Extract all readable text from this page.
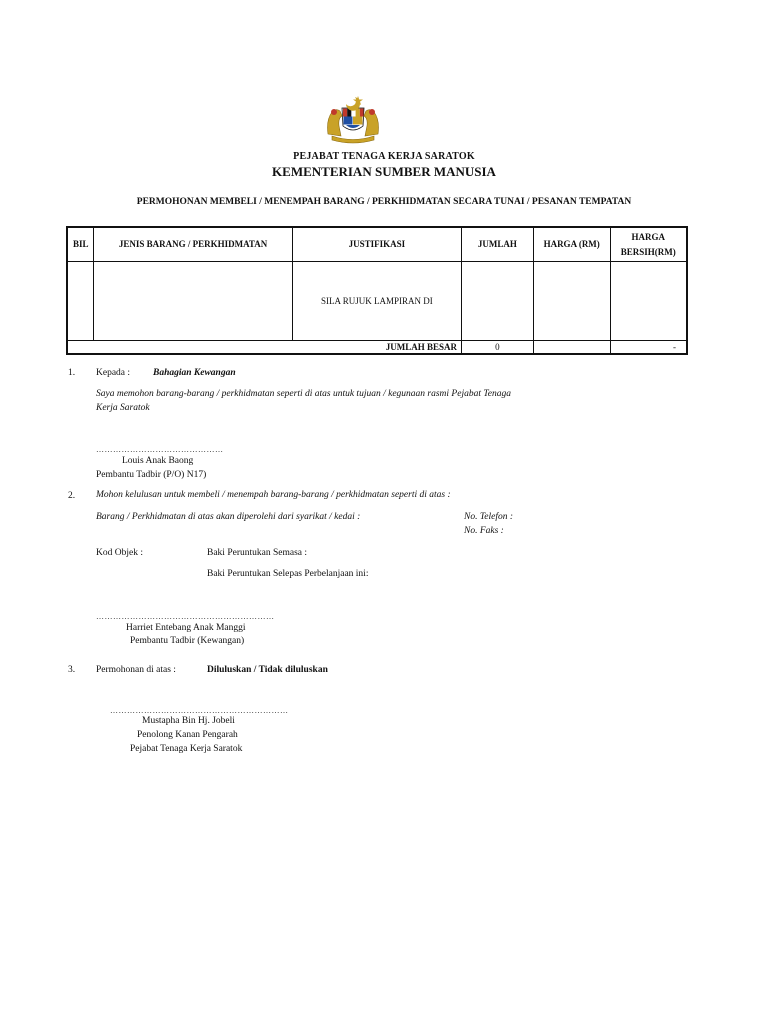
PEJABAT TENAGA KERJA SARATOK
KEMENTERIAN SUMBER MANUSIA
PERMOHONAN MEMBELI / MENEMPAH BARANG / PERKHIDMATAN SECARA TUNAI / PESANAN TEMPATAN
BIL	JENIS BARANG / PERKHIDMATAN	JUSTIFIKASI	JUMLAH	HARGA (RM)	HARGA
BERSIH(RM)
		SILA RUJUK LAMPIRAN DI			
JUMLAH BESAR			0		-
1. Kepada : Bahagian Kewangan
Saya memohon barang-barang / perkhidmatan seperti di atas untuk tujuan / kegunaan rasmi Pejabat Tenaga
Kerja Saratok
………………………………………
Louis Anak Baong
Pembantu Tadbir (P/O) N17)
2. Mohon kelulusan untuk membeli / menempah barang-barang / perkhidmatan seperti di atas :
Barang / Perkhidmatan di atas akan diperolehi dari syarikat / kedai :	No. Telefon :
No. Faks :
Kod Objek :	Baki Peruntukan Semasa :
Baki Peruntukan Selepas Perbelanjaan ini:
………………………………………………………
Harriet Entebang Anak Manggi
Pembantu Tadbir (Kewangan)
3. Permohonan di atas :	Diluluskan / Tidak diluluskan
………………………………………………………
Mustapha Bin Hj. Jobeli
Penolong Kanan Pengarah
Pejabat Tenaga Kerja Saratok
